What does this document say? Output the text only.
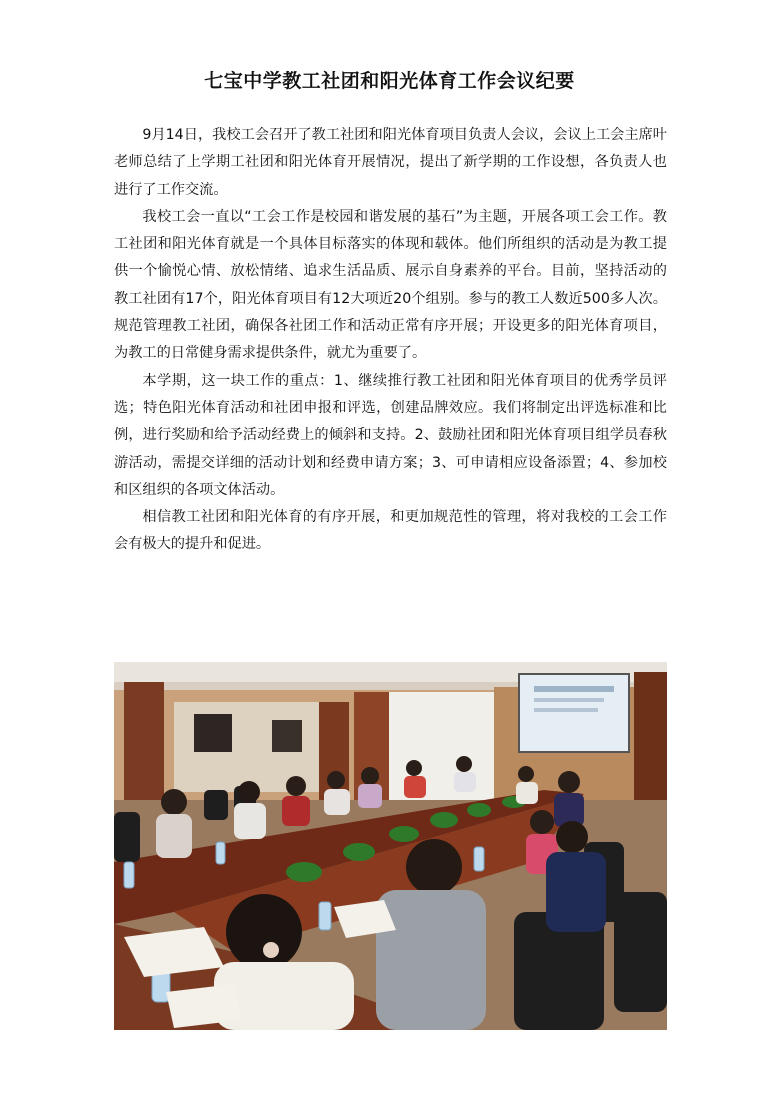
七宝中学教工社团和阳光体育工作会议纪要

9月14日，我校工会召开了教工社团和阳光体育项目负责人会议，会议上工会主席叶老师总结了上学期工社团和阳光体育开展情况，提出了新学期的工作设想，各负责人也进行了工作交流。

我校工会一直以“工会工作是校园和谐发展的基石”为主题，开展各项工会工作。教工社团和阳光体育就是一个具体目标落实的体现和载体。他们所组织的活动是为教工提供一个愉悦心情、放松情绪、追求生活品质、展示自身素养的平台。目前，坚持活动的教工社团有17个，阳光体育项目有12大项近20个组别。参与的教工人数近500多人次。规范管理教工社团，确保各社团工作和活动正常有序开展；开设更多的阳光体育项目，为教工的日常健身需求提供条件，就尤为重要了。

本学期，这一块工作的重点：1、继续推行教工社团和阳光体育项目的优秀学员评选；特色阳光体育活动和社团申报和评选，创建品牌效应。我们将制定出评选标准和比例，进行奖励和给予活动经费上的倾斜和支持。2、鼓励社团和阳光体育项目组学员春秋游活动，需提交详细的活动计划和经费申请方案；3、可申请相应设备添置；4、参加校和区组织的各项文体活动。

相信教工社团和阳光体育的有序开展，和更加规范性的管理，将对我校的工会工作会有极大的提升和促进。
